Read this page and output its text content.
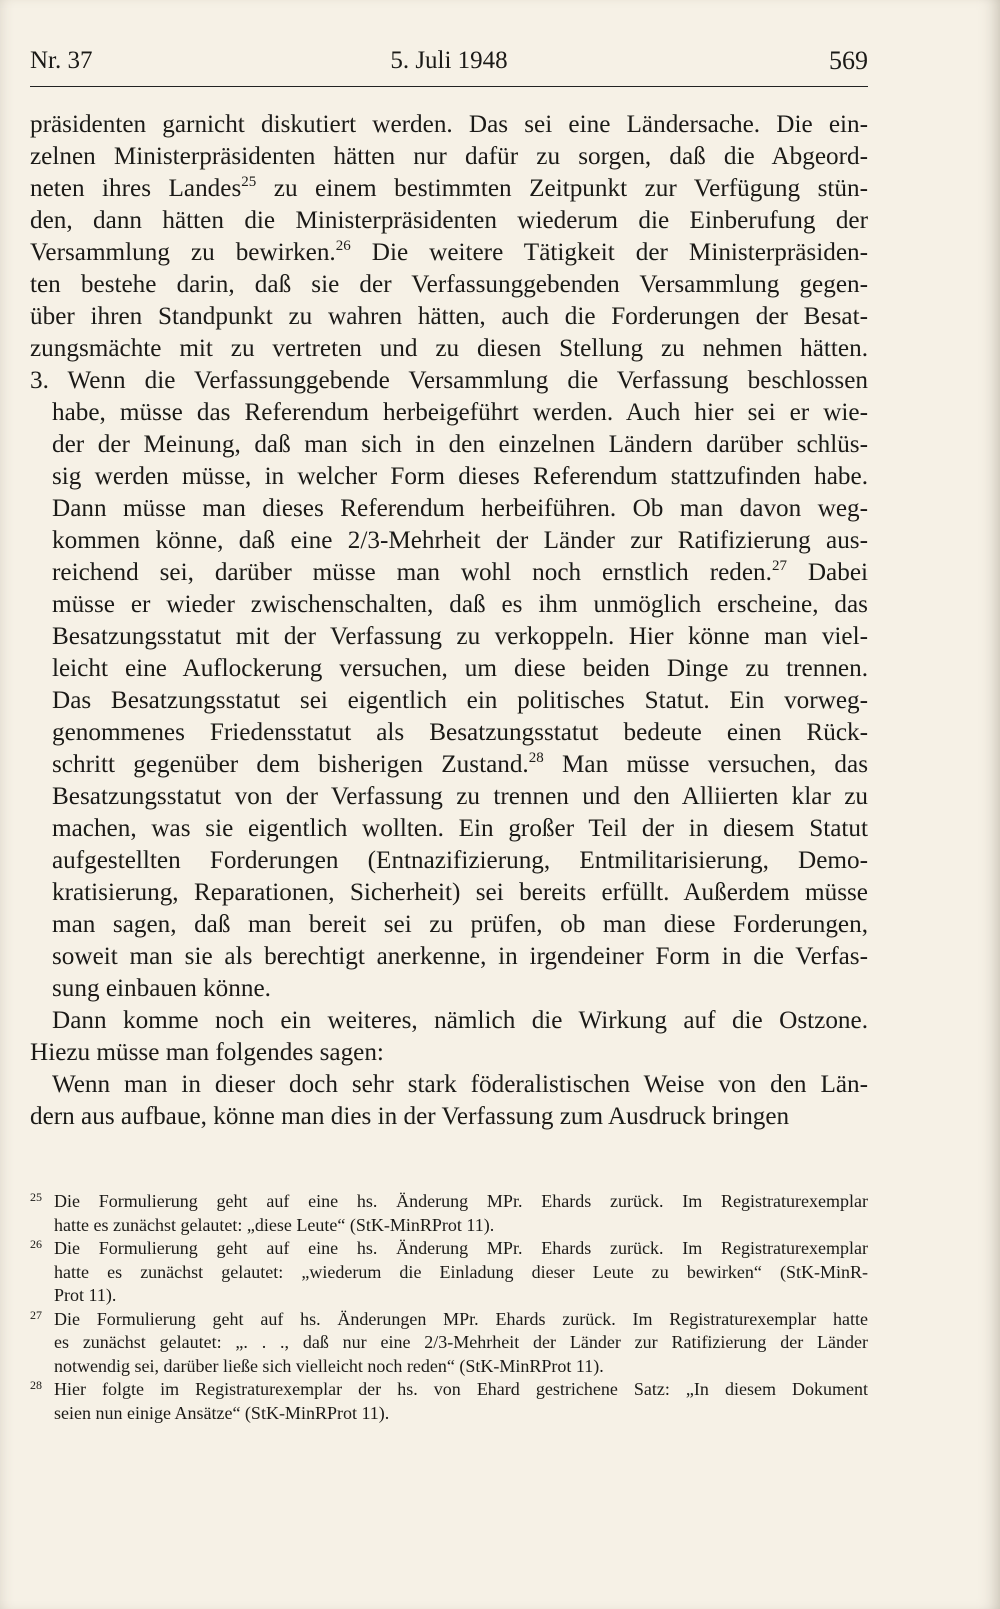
Nr. 37	5. Juli 1948	569
präsidenten garnicht diskutiert werden. Das sei eine Ländersache. Die ein-
zelnen Ministerpräsidenten hätten nur dafür zu sorgen, daß die Abgeord-
neten ihres Landes$^{25}$ zu einem bestimmten Zeitpunkt zur Verfügung stün-
den, dann hätten die Ministerpräsidenten wiederum die Einberufung der
Versammlung zu bewirken.$^{26}$ Die weitere Tätigkeit der Ministerpräsiden-
ten bestehe darin, daß sie der Verfassunggebenden Versammlung gegen-
über ihren Standpunkt zu wahren hätten, auch die Forderungen der Besat-
zungsmächte mit zu vertreten und zu diesen Stellung zu nehmen hätten.
3. Wenn die Verfassunggebende Versammlung die Verfassung beschlossen
habe, müsse das Referendum herbeigeführt werden. Auch hier sei er wie-
der der Meinung, daß man sich in den einzelnen Ländern darüber schlüs-
sig werden müsse, in welcher Form dieses Referendum stattzufinden habe.
Dann müsse man dieses Referendum herbeiführen. Ob man davon weg-
kommen könne, daß eine 2/3-Mehrheit der Länder zur Ratifizierung aus-
reichend sei, darüber müsse man wohl noch ernstlich reden.$^{27}$ Dabei
müsse er wieder zwischenschalten, daß es ihm unmöglich erscheine, das
Besatzungsstatut mit der Verfassung zu verkoppeln. Hier könne man viel-
leicht eine Auflockerung versuchen, um diese beiden Dinge zu trennen.
Das Besatzungsstatut sei eigentlich ein politisches Statut. Ein vorweg-
genommenes Friedensstatut als Besatzungsstatut bedeute einen Rück-
schritt gegenüber dem bisherigen Zustand.$^{28}$ Man müsse versuchen, das
Besatzungsstatut von der Verfassung zu trennen und den Alliierten klar zu
machen, was sie eigentlich wollten. Ein großer Teil der in diesem Statut
aufgestellten Forderungen (Entnazifizierung, Entmilitarisierung, Demo-
kratisierung, Reparationen, Sicherheit) sei bereits erfüllt. Außerdem müsse
man sagen, daß man bereit sei zu prüfen, ob man diese Forderungen,
soweit man sie als berechtigt anerkenne, in irgendeiner Form in die Verfas-
sung einbauen könne.
Dann komme noch ein weiteres, nämlich die Wirkung auf die Ostzone.
Hiezu müsse man folgendes sagen:
Wenn man in dieser doch sehr stark föderalistischen Weise von den Län-
dern aus aufbaue, könne man dies in der Verfassung zum Ausdruck bringen
25 Die Formulierung geht auf eine hs. Änderung MPr. Ehards zurück. Im Registraturexemplar
hatte es zunächst gelautet: „diese Leute“ (StK-MinRProt 11).
26 Die Formulierung geht auf eine hs. Änderung MPr. Ehards zurück. Im Registraturexemplar
hatte es zunächst gelautet: „wiederum die Einladung dieser Leute zu bewirken“ (StK-MinR-
Prot 11).
27 Die Formulierung geht auf hs. Änderungen MPr. Ehards zurück. Im Registraturexemplar hatte
es zunächst gelautet: „. . ., daß nur eine 2/3-Mehrheit der Länder zur Ratifizierung der Länder
notwendig sei, darüber ließe sich vielleicht noch reden“ (StK-MinRProt 11).
28 Hier folgte im Registraturexemplar der hs. von Ehard gestrichene Satz: „In diesem Dokument
seien nun einige Ansätze“ (StK-MinRProt 11).
